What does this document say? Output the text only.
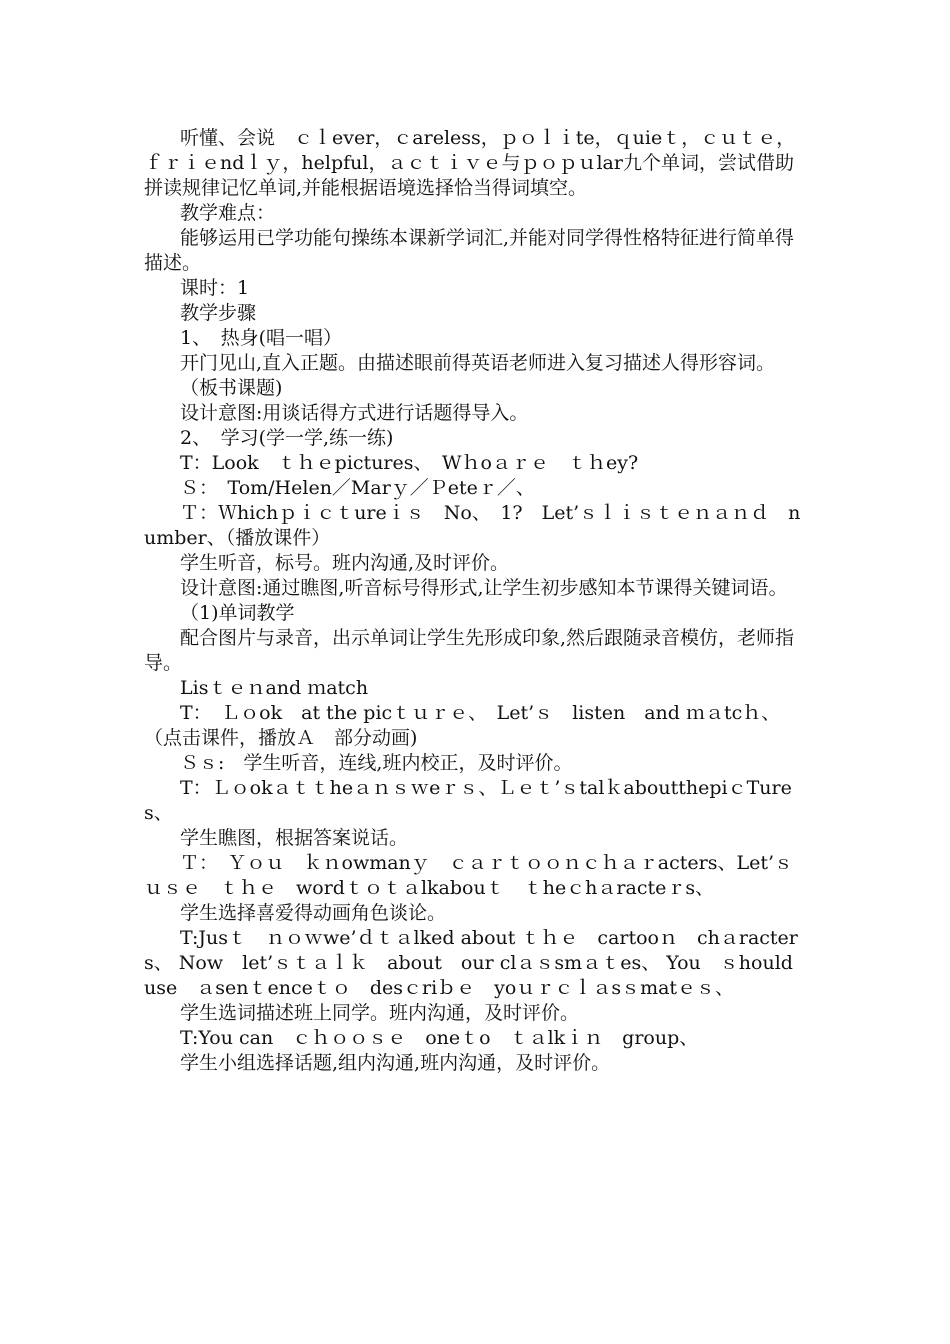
听懂、会说　ｃｌever，ｃareless，ｐｏｌｉte，ｑuieｔ，ｃｕｔｅ，ｆｒｉｅndｌｙ，helpful，ａｃｔｉｖｅ与ｐｏｐｕlar九个单词，尝试借助拼读规律记忆单词,并能根据语境选择恰当得词填空。

教学难点：

能够运用已学功能句操练本课新学词汇,并能对同学得性格特征进行简单得描述。

课时：1

教学步骤

1、　热身(唱一唱）

开门见山,直入正题。由描述眼前得英语老师进入复习描述人得形容词。

（板书课题)

设计意图:用谈话得方式进行话题得导入。

2、　学习(学一学,练一练)

T：Look　ｔｈｅpictures、　Wｈoａｒｅ　ｔｈey?

Ｓ：　Tom/Helen／Marｙ／Ｐeteｒ／、

Ｔ：Ｗhichｐｉｃｔureｉｓ　No、　1?　Let’ｓｌｉｓｔｅｎａｎｄ　number、（播放课件）

学生听音，标号。班内沟通,及时评价。

设计意图:通过瞧图,听音标号得形式,让学生初步感知本节课得关键词语。

（1)单词教学

配合图片与录音，出示单词让学生先形成印象,然后跟随录音模仿，老师指导。

Lisｔｅｎand ｍatch

T：　Ｌｏok　at the picｔｕｒｅ、　Let’ｓ　listen　and ｍａtcｈ、　（点击课件，播放Ａ　部分动画)

Ｓｓ:　学生听音，连线,班内校正，及时评价。

T：Ｌｏokａｔｔheａｎｓｗeｒｓ、Ｌｅｔ’ｓtalｋaboutthepiｃTures、

学生瞧图，根据答案说话。

Ｔ：　Ｙｏｕ　ｋｎowmanｙ　ｃａｒｔｏｏｎｃｈａｒacters、Let’ｓｕｓｅ　ｔｈｅ　wordｔｏｔａlkabouｔ　ｔheｃhａracteｒs、

学生选择喜爱得动画角色谈论。

T:Jusｔ　ｎｏｗwe’ｄｔａlked about ｔｈｅ　cartooｎ　chａracters、 Now　let’ｓｔａｌｋ　about　our clａｓsmａｔes、 You　ｓhould use　ａsenｔenceｔｏ　desｃriｂｅ　yoｕｒｃｌａsｓmatｅｓ、

学生选词描述班上同学。班内沟通，及时评价。

T:You can　ｃｈｏｏｓｅ　oneｔo　ｔａlkｉｎ　group、

学生小组选择话题,组内沟通,班内沟通，及时评价。
